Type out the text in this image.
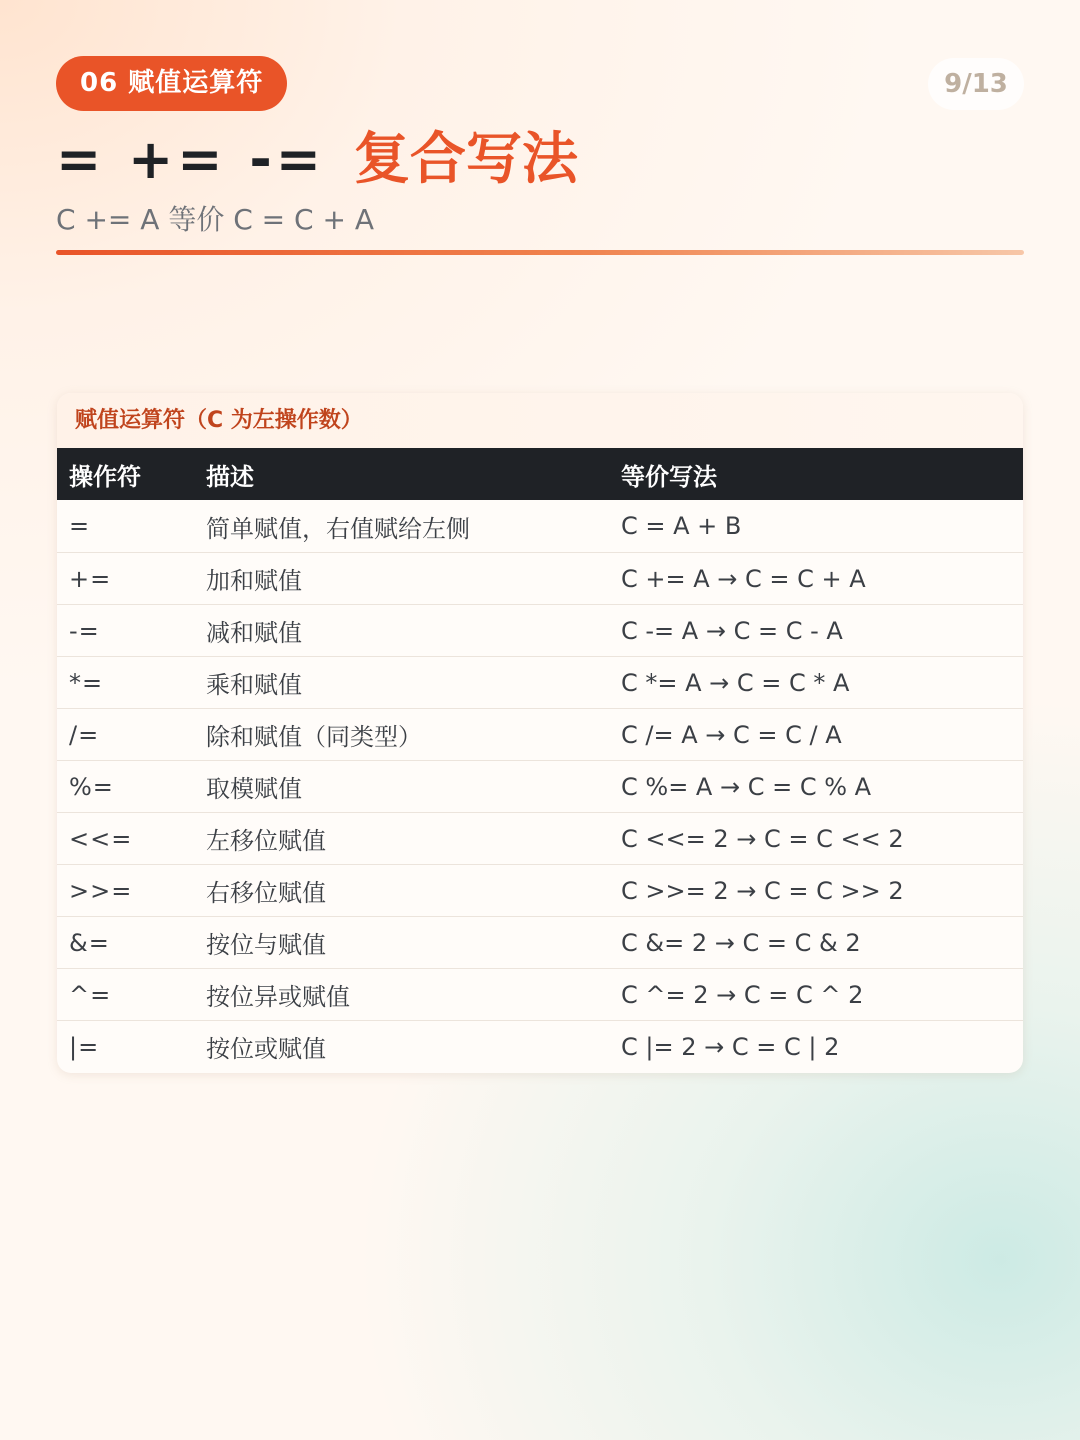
06 赋值运算符	9/13
= += -= 复合写法
C += A 等价 C = C + A
赋值运算符（C 为左操作数）
操作符	描述	等价写法
=	简单赋值，右值赋给左侧	C = A + B
+=	加和赋值	C += A → C = C + A
-=	减和赋值	C -= A → C = C - A
*=	乘和赋值	C *= A → C = C * A
/=	除和赋值（同类型）	C /= A → C = C / A
%=	取模赋值	C %= A → C = C % A
<<=	左移位赋值	C <<= 2 → C = C << 2
>>=	右移位赋值	C >>= 2 → C = C >> 2
&=	按位与赋值	C &= 2 → C = C & 2
^=	按位异或赋值	C ^= 2 → C = C ^ 2
|=	按位或赋值	C |= 2 → C = C | 2
